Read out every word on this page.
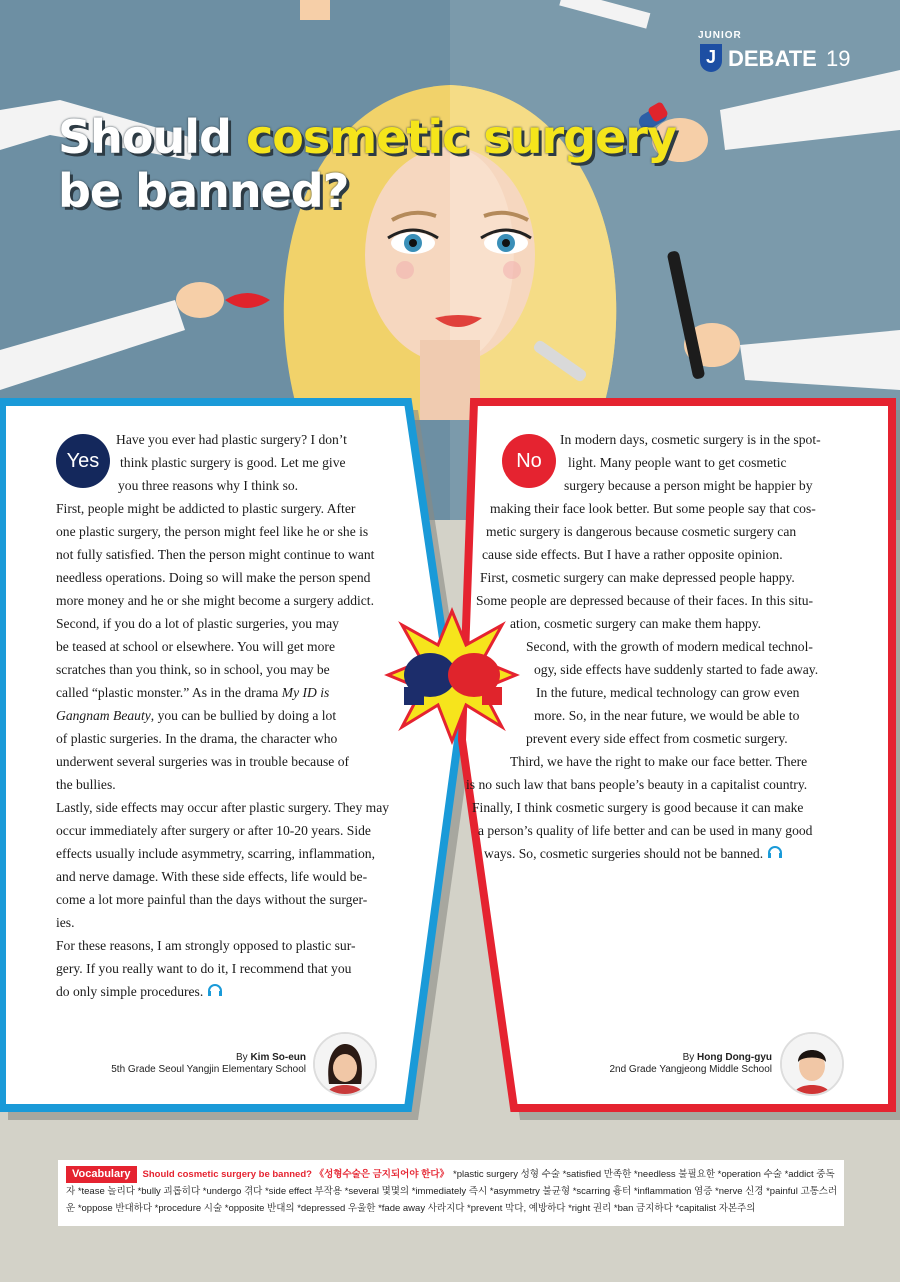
Should cosmetic surgery
be banned?
JUNIOR
J DEBATE 19
Yes
Have you ever had plastic surgery? I don’t
think plastic surgery is good. Let me give
you three reasons why I think so.
First, people might be addicted to plastic surgery. After
one plastic surgery, the person might feel like he or she is
not fully satisfied. Then the person might continue to want
needless operations. Doing so will make the person spend
more money and he or she might become a surgery addict.
Second, if you do a lot of plastic surgeries, you may
be teased at school or elsewhere. You will get more
scratches than you think, so in school, you may be
called “plastic monster.” As in the drama My ID is
Gangnam Beauty, you can be bullied by doing a lot
of plastic surgeries. In the drama, the character who
underwent several surgeries was in trouble because of
the bullies.
Lastly, side effects may occur after plastic surgery. They may
occur immediately after surgery or after 10-20 years. Side
effects usually include asymmetry, scarring, inflammation,
and nerve damage. With these side effects, life would be-
come a lot more painful than the days without the surger-
ies.
For these reasons, I am strongly opposed to plastic sur-
gery. If you really want to do it, I recommend that you
do only simple procedures.
No
In modern days, cosmetic surgery is in the spot-
light. Many people want to get cosmetic
surgery because a person might be happier by
making their face look better. But some people say that cos-
metic surgery is dangerous because cosmetic surgery can
cause side effects. But I have a rather opposite opinion.
First, cosmetic surgery can make depressed people happy.
Some people are depressed because of their faces. In this situ-
ation, cosmetic surgery can make them happy.
Second, with the growth of modern medical technol-
ogy, side effects have suddenly started to fade away.
In the future, medical technology can grow even
more. So, in the near future, we would be able to
prevent every side effect from cosmetic surgery.
Third, we have the right to make our face better. There
is no such law that bans people’s beauty in a capitalist country.
Finally, I think cosmetic surgery is good because it can make
a person’s quality of life better and can be used in many good
ways. So, cosmetic surgeries should not be banned.
By Kim So-eun
5th Grade Seoul Yangjin Elementary School
By Hong Dong-gyu
2nd Grade Yangjeong Middle School

Vocabulary Should cosmetic surgery be banned? 《성형수술은 금지되어야 한다》 *plastic surgery 성형 수술 *satisfied 만족한 *needless 불필요한 *operation 수술 *addict 중독자 *tease 놀리다 *bully 괴롭히다 *undergo 겪다 *side effect 부작용 *several 몇몇의 *immediately 즉시 *asymmetry 불균형 *scarring 흉터 *inflammation 염증 *nerve 신경 *painful 고통스러운 *oppose 반대하다 *procedure 시술 *opposite 반대의 *depressed 우울한 *fade away 사라지다 *prevent 막다, 예방하다 *right 권리 *ban 금지하다 *capitalist 자본주의
